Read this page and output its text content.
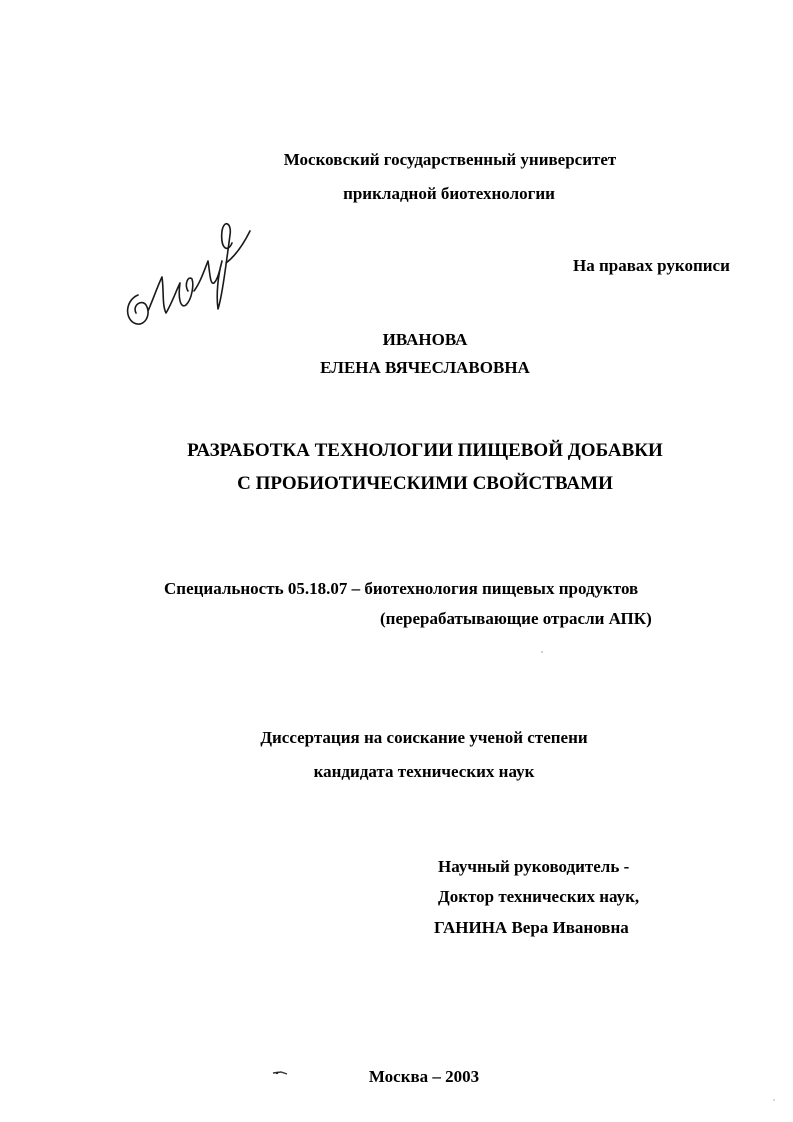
Московский государственный университет
прикладной биотехнологии
На правах рукописи
ИВАНОВА
ЕЛЕНА ВЯЧЕСЛАВОВНА
РАЗРАБОТКА ТЕХНОЛОГИИ ПИЩЕВОЙ ДОБАВКИ
С ПРОБИОТИЧЕСКИМИ СВОЙСТВАМИ
Специальность 05.18.07 – биотехнология пищевых продуктов
(перерабатывающие отрасли АПК)
Диссертация на соискание ученой степени
кандидата технических наук
Научный руководитель -
Доктор технических наук,
ГАНИНА Вера Ивановна
Москва – 2003
